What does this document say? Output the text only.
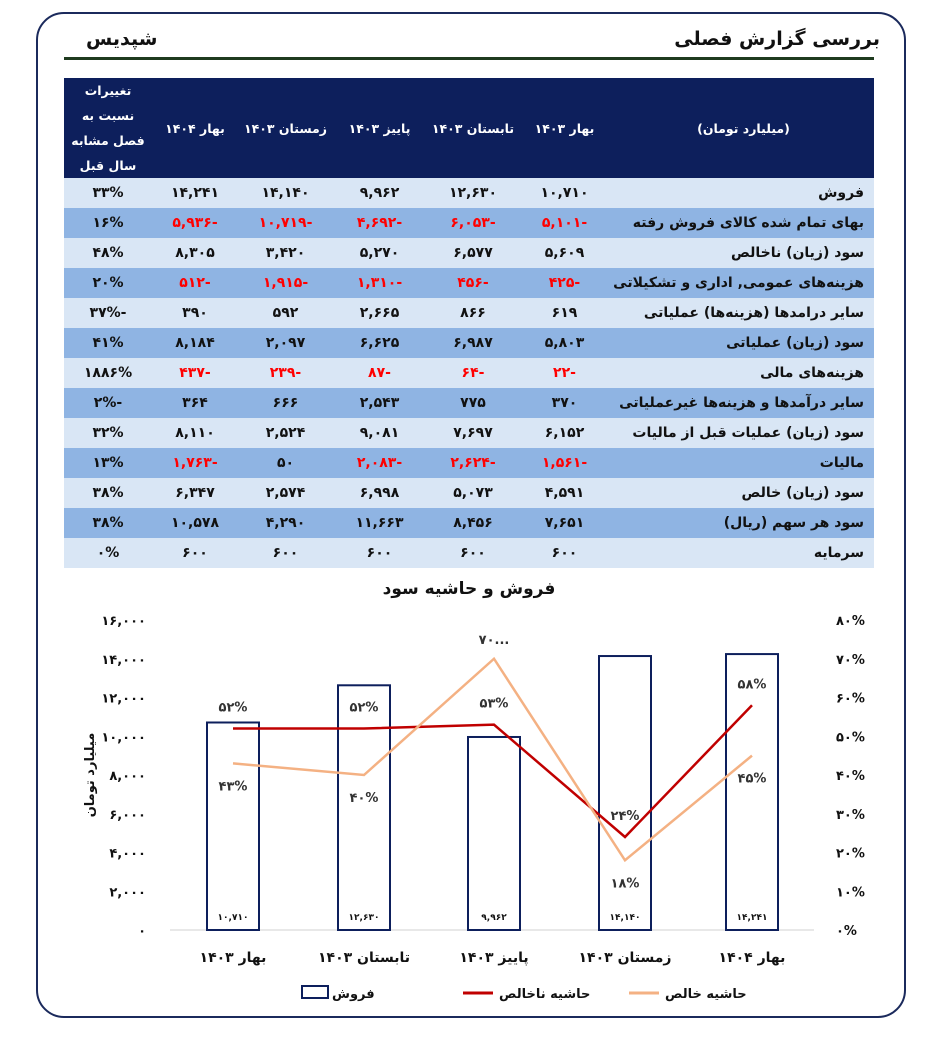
بررسی گزارش فصلی
شپدیس
(میلیارد تومان)	بهار ۱۴۰۳	تابستان ۱۴۰۳	پاییز ۱۴۰۳	زمستان ۱۴۰۳	بهار ۱۴۰۴	تغییرات نسبت به فصل مشابه سال قبل
فروش	۱۰,۷۱۰	۱۲,۶۳۰	۹,۹۶۲	۱۴,۱۴۰	۱۴,۲۴۱	۳۳%
بهای تمام شده کالای فروش رفته	-۵,۱۰۱	-۶,۰۵۳	-۴,۶۹۲	-۱۰,۷۱۹	-۵,۹۳۶	۱۶%
سود (زیان) ناخالص	۵,۶۰۹	۶,۵۷۷	۵,۲۷۰	۳,۴۲۰	۸,۳۰۵	۴۸%
هزینه‌های عمومی, اداری و تشکیلاتی	-۴۲۵	-۴۵۶	-۱,۳۱۰	-۱,۹۱۵	-۵۱۲	۲۰%
سایر درامدها (هزینه‌ها) عملیاتی	۶۱۹	۸۶۶	۲,۶۶۵	۵۹۲	۳۹۰	-۳۷%
سود (زیان) عملیاتی	۵,۸۰۳	۶,۹۸۷	۶,۶۲۵	۲,۰۹۷	۸,۱۸۴	۴۱%
هزینه‌های مالی	-۲۲	-۶۴	-۸۷	-۲۳۹	-۴۳۷	۱۸۸۶%
سایر درآمدها و هزینه‌ها غیرعملیاتی	۳۷۰	۷۷۵	۲,۵۴۳	۶۶۶	۳۶۴	-۲%
سود (زیان) عملیات قبل از مالیات	۶,۱۵۲	۷,۶۹۷	۹,۰۸۱	۲,۵۲۴	۸,۱۱۰	۳۲%
مالیات	-۱,۵۶۱	-۲,۶۲۴	-۲,۰۸۳	۵۰	-۱,۷۶۳	۱۳%
سود (زیان) خالص	۴,۵۹۱	۵,۰۷۳	۶,۹۹۸	۲,۵۷۴	۶,۳۴۷	۳۸%
سود هر سهم (ریال)	۷,۶۵۱	۸,۴۵۶	۱۱,۶۶۳	۴,۲۹۰	۱۰,۵۷۸	۳۸%
سرمایه	۶۰۰	۶۰۰	۶۰۰	۶۰۰	۶۰۰	۰%
فروش و حاشیه سود
۰
۲,۰۰۰
۴,۰۰۰
۶,۰۰۰
۸,۰۰۰
۱۰,۰۰۰
۱۲,۰۰۰
۱۴,۰۰۰
۱۶,۰۰۰
۰%
۱۰%
۲۰%
۳۰%
۴۰%
۵۰%
۶۰%
۷۰%
۸۰%
میلیارد تومان
۱۰,۷۱۰	۱۲,۶۳۰	۹,۹۶۲	۱۴,۱۴۰	۱۴,۲۴۱
بهار ۱۴۰۳	تابستان ۱۴۰۳	پاییز ۱۴۰۳	زمستان ۱۴۰۳	بهار ۱۴۰۴
۵۲%	۵۲%	۵۳%
۲۴%
۵۸%
۴۳%
۴۰%
۷۰...
۱۸%
۴۵%
فروش	حاشیه ناخالص	حاشیه خالص
